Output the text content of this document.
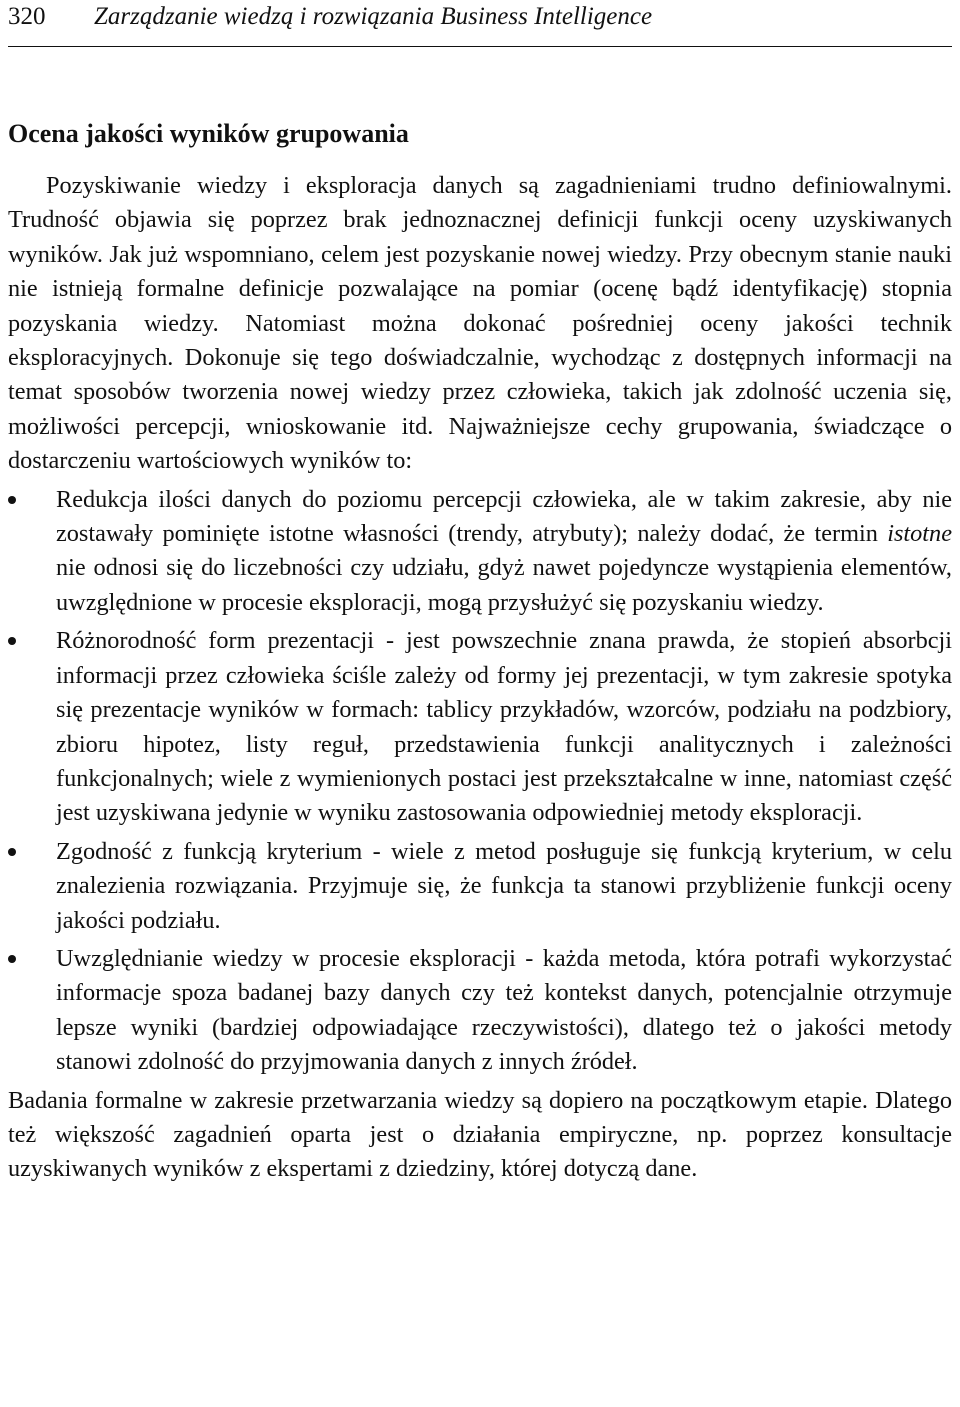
320	Zarządzanie wiedzą i rozwiązania Business Intelligence
Ocena jakości wyników grupowania

Pozyskiwanie wiedzy i eksploracja danych są zagadnieniami trudno definiowalnymi. Trudność objawia się poprzez brak jednoznacznej definicji funkcji oceny uzyskiwanych wyników. Jak już wspomniano, celem jest pozyskanie nowej wiedzy. Przy obecnym stanie nauki nie istnieją formalne definicje pozwalające na pomiar (ocenę bądź identyfikację) stopnia pozyskania wiedzy. Natomiast można dokonać pośredniej oceny jakości technik eksploracyjnych. Dokonuje się tego doświadczalnie, wychodząc z dostępnych informacji na temat sposobów tworzenia nowej wiedzy przez człowieka, takich jak zdolność uczenia się, możliwości percepcji, wnioskowanie itd. Najważniejsze cechy grupowania, świadczące o dostarczeniu wartościowych wyników to:

Redukcja ilości danych do poziomu percepcji człowieka, ale w takim zakresie, aby nie zostawały pominięte istotne własności (trendy, atrybuty); należy dodać, że termin istotne nie odnosi się do liczebności czy udziału, gdyż nawet pojedyncze wystąpienia elementów, uwzględnione w procesie eksploracji, mogą przysłużyć się pozyskaniu wiedzy.
Różnorodność form prezentacji - jest powszechnie znana prawda, że stopień absorbcji informacji przez człowieka ściśle zależy od formy jej prezentacji, w tym zakresie spotyka się prezentacje wyników w formach: tablicy przykładów, wzorców, podziału na podzbiory, zbioru hipotez, listy reguł, przedstawienia funkcji analitycznych i zależności funkcjonalnych; wiele z wymienionych postaci jest przekształcalne w inne, natomiast część jest uzyskiwana jedynie w wyniku zastosowania odpowiedniej metody eksploracji.
Zgodność z funkcją kryterium - wiele z metod posługuje się funkcją kryterium, w celu znalezienia rozwiązania. Przyjmuje się, że funkcja ta stanowi przybliżenie funkcji oceny jakości podziału.
Uwzględnianie wiedzy w procesie eksploracji - każda metoda, która potrafi wykorzystać informacje spoza badanej bazy danych czy też kontekst danych, potencjalnie otrzymuje lepsze wyniki (bardziej odpowiadające rzeczywistości), dlatego też o jakości metody stanowi zdolność do przyjmowania danych z innych źródeł.

Badania formalne w zakresie przetwarzania wiedzy są dopiero na początkowym etapie. Dlatego też większość zagadnień oparta jest o działania empiryczne, np. poprzez konsultacje uzyskiwanych wyników z ekspertami z dziedziny, której dotyczą dane.
